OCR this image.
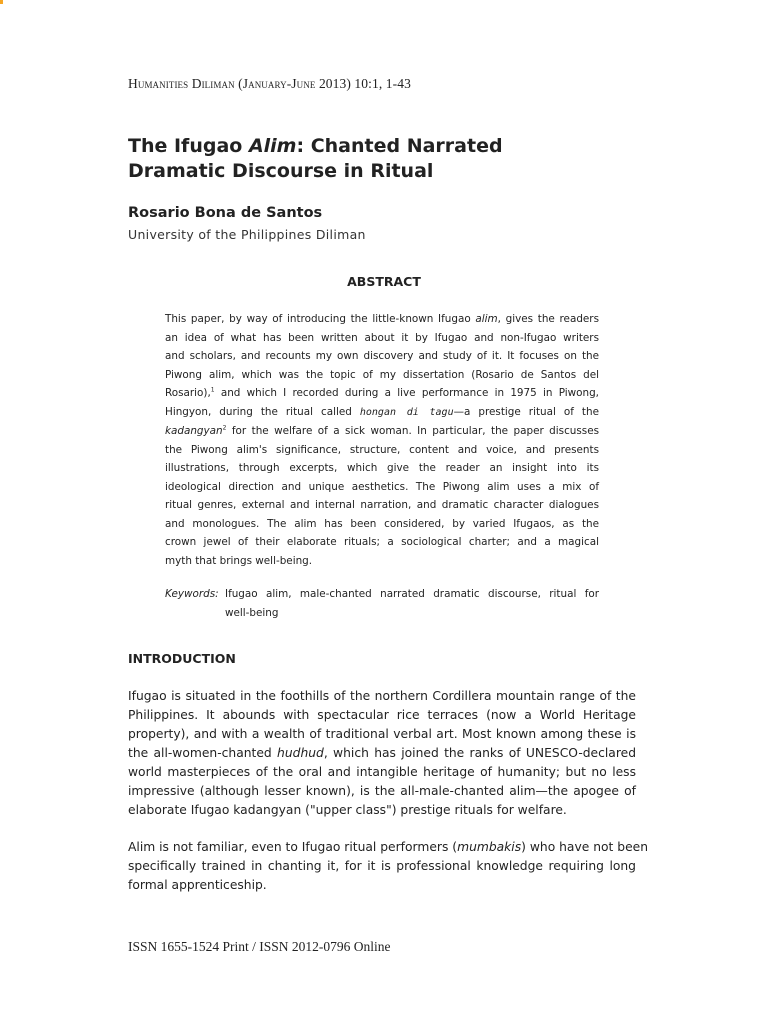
Humanities Diliman (January-June 2013) 10:1, 1-43
The Ifugao Alim: Chanted Narrated
Dramatic Discourse in Ritual
Rosario Bona de Santos
University of the Philippines Diliman
ABSTRACT
This paper, by way of introducing the little-known Ifugao alim, gives the readers
an idea of what has been written about it by Ifugao and non-Ifugao writers
and scholars, and recounts my own discovery and study of it. It focuses on the
Piwong alim, which was the topic of my dissertation (Rosario de Santos del
Rosario),$^1$ and which I recorded during a live performance in 1975 in Piwong,
Hingyon, during the ritual called hongan di tagu—a prestige ritual of the
kadangyan$^2$ for the welfare of a sick woman. In particular, the paper discusses
the Piwong alim's significance, structure, content and voice, and presents
illustrations, through excerpts, which give the reader an insight into its
ideological direction and unique aesthetics. The Piwong alim uses a mix of
ritual genres, external and internal narration, and dramatic character dialogues
and monologues. The alim has been considered, by varied Ifugaos, as the
crown jewel of their elaborate rituals; a sociological charter; and a magical
myth that brings well-being.
Keywords: Ifugao alim, male-chanted narrated dramatic discourse, ritual for
well-being
INTRODUCTION
Ifugao is situated in the foothills of the northern Cordillera mountain range of the
Philippines. It abounds with spectacular rice terraces (now a World Heritage
property), and with a wealth of traditional verbal art. Most known among these is
the all-women-chanted hudhud, which has joined the ranks of UNESCO-declared
world masterpieces of the oral and intangible heritage of humanity; but no less
impressive (although lesser known), is the all-male-chanted alim—the apogee of
elaborate Ifugao kadangyan ("upper class") prestige rituals for welfare.
Alim is not familiar, even to Ifugao ritual performers (mumbakis) who have not been
specifically trained in chanting it, for it is professional knowledge requiring long
formal apprenticeship.
ISSN 1655-1524 Print / ISSN 2012-0796 Online
